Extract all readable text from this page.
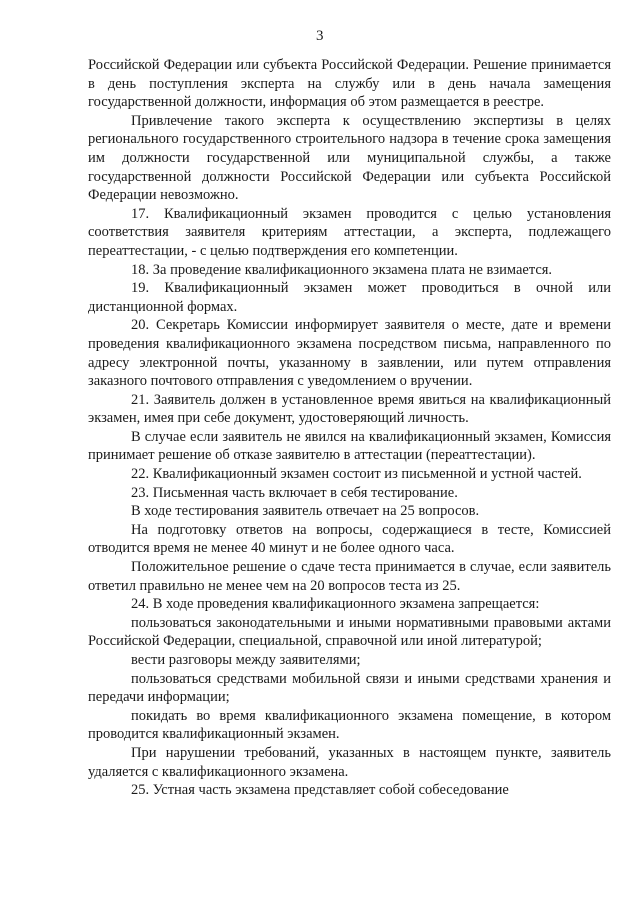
3

Российской Федерации или субъекта Российской Федерации. Решение принимается в день поступления эксперта на службу или в день начала замещения государственной должности, информация об этом размещается в реестре.

Привлечение такого эксперта к осуществлению экспертизы в целях регионального государственного строительного надзора в течение срока замещения им должности государственной или муниципальной службы, а также государственной должности Российской Федерации или субъекта Российской Федерации невозможно.

17. Квалификационный экзамен проводится с целью установления соответствия заявителя критериям аттестации, а эксперта, подлежащего переаттестации, - с целью подтверждения его компетенции.

18. За проведение квалификационного экзамена плата не взимается.

19. Квалификационный экзамен может проводиться в очной или дистанционной формах.

20. Секретарь Комиссии информирует заявителя о месте, дате и времени проведения квалификационного экзамена посредством письма, направленного по адресу электронной почты, указанному в заявлении, или путем отправления заказного почтового отправления с уведомлением о вручении.

21. Заявитель должен в установленное время явиться на квалификационный экзамен, имея при себе документ, удостоверяющий личность.

В случае если заявитель не явился на квалификационный экзамен, Комиссия принимает решение об отказе заявителю в аттестации (переаттестации).

22. Квалификационный экзамен состоит из письменной и устной частей.

23. Письменная часть включает в себя тестирование.

В ходе тестирования заявитель отвечает на 25 вопросов.

На подготовку ответов на вопросы, содержащиеся в тесте, Комиссией отводится время не менее 40 минут и не более одного часа.

Положительное решение о сдаче теста принимается в случае, если заявитель ответил правильно не менее чем на 20 вопросов теста из 25.

24. В ходе проведения квалификационного экзамена запрещается:

пользоваться законодательными и иными нормативными правовыми актами Российской Федерации, специальной, справочной или иной литературой;

вести разговоры между заявителями;

пользоваться средствами мобильной связи и иными средствами хранения и передачи информации;

покидать во время квалификационного экзамена помещение, в котором проводится квалификационный экзамен.

При нарушении требований, указанных в настоящем пункте, заявитель удаляется с квалификационного экзамена.

25. Устная часть экзамена представляет собой собеседование
